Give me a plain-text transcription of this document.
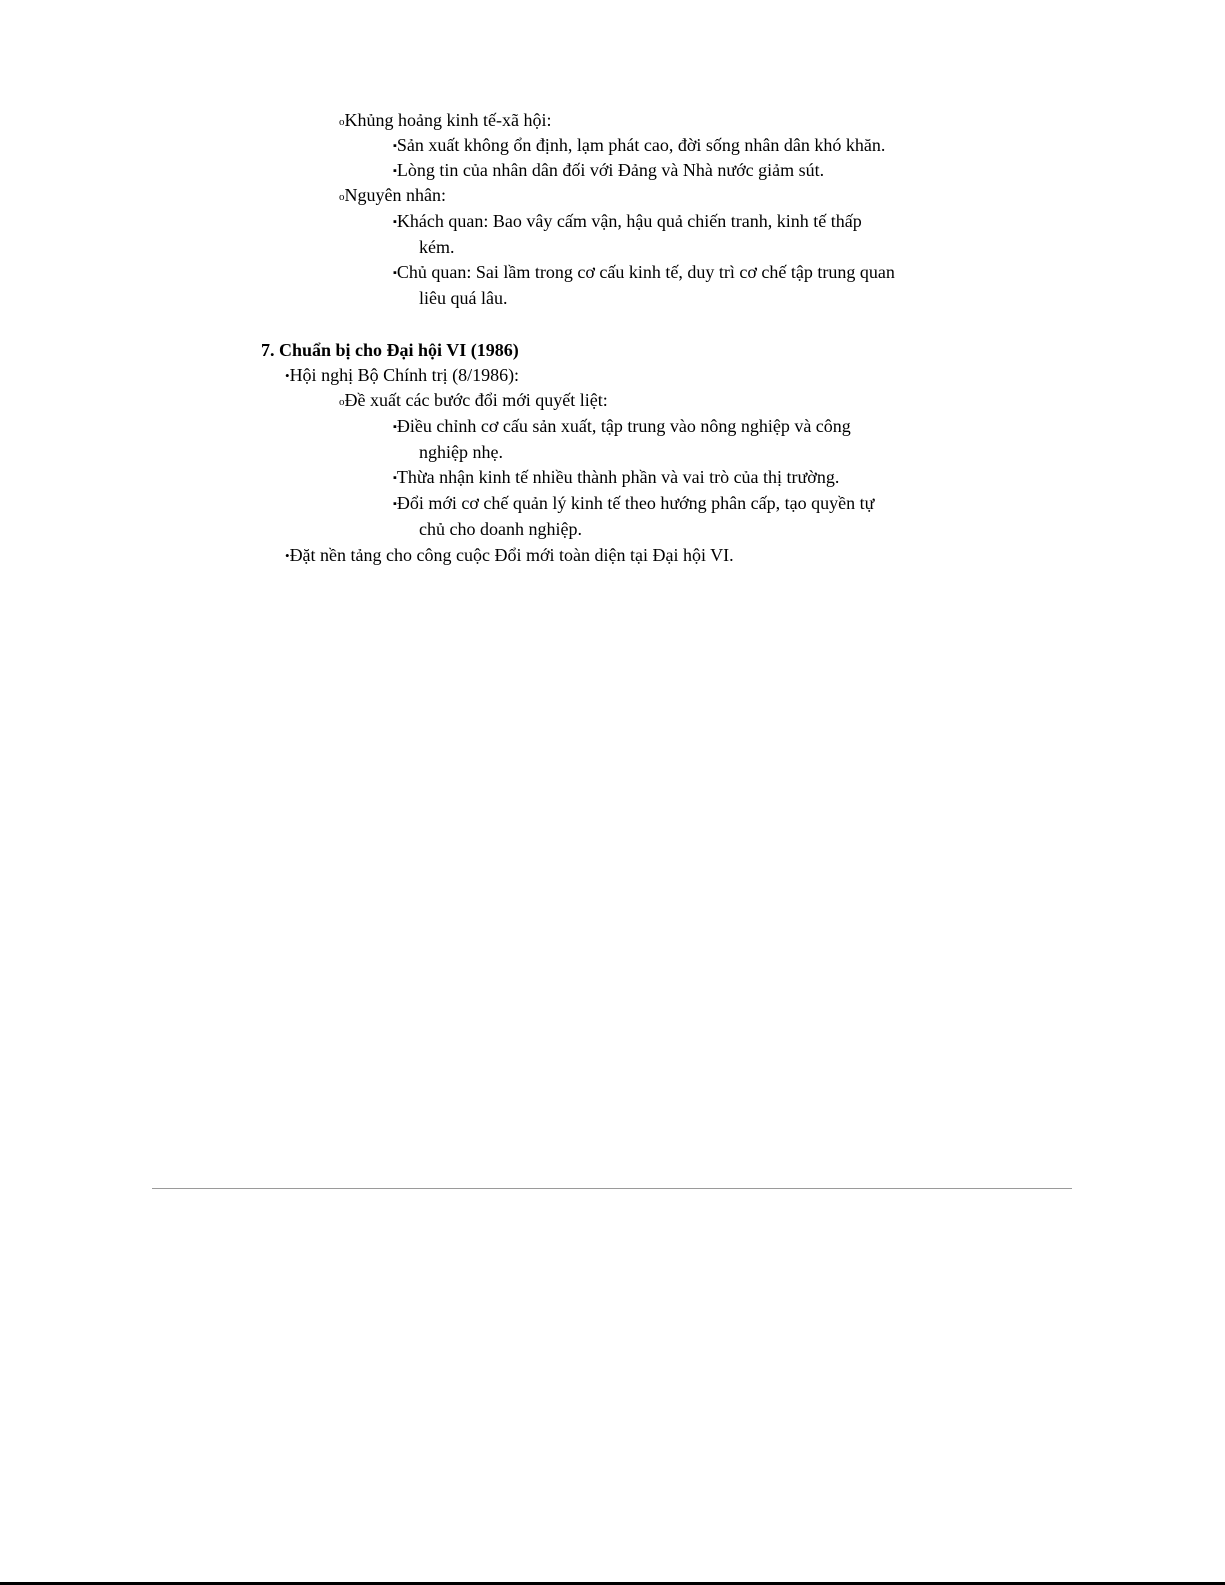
oKhủng hoảng kinh tế-xã hội:
▪Sản xuất không ổn định, lạm phát cao, đời sống nhân dân khó khăn.
▪Lòng tin của nhân dân đối với Đảng và Nhà nước giảm sút.
oNguyên nhân:
▪Khách quan: Bao vây cấm vận, hậu quả chiến tranh, kinh tế thấp
kém.
▪Chủ quan: Sai lầm trong cơ cấu kinh tế, duy trì cơ chế tập trung quan
liêu quá lâu.
7. Chuẩn bị cho Đại hội VI (1986)
•Hội nghị Bộ Chính trị (8/1986):
oĐề xuất các bước đổi mới quyết liệt:
▪Điều chỉnh cơ cấu sản xuất, tập trung vào nông nghiệp và công
nghiệp nhẹ.
▪Thừa nhận kinh tế nhiều thành phần và vai trò của thị trường.
▪Đổi mới cơ chế quản lý kinh tế theo hướng phân cấp, tạo quyền tự
chủ cho doanh nghiệp.
•Đặt nền tảng cho công cuộc Đổi mới toàn diện tại Đại hội VI.
